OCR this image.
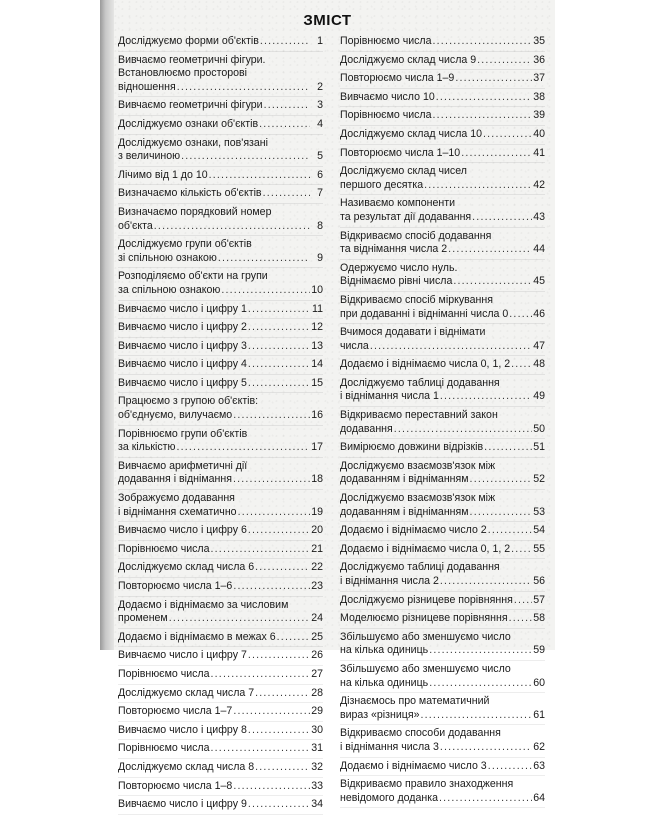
ЗМІСТ
Досліджуємо форми об'єктів .....	1
Вивчаємо геометричні фігури.
Встановлюємо просторові
відношення .....	2
Вивчаємо геометричні фігури .....	3
Досліджуємо ознаки об'єктів .....	4
Досліджуємо ознаки, пов'язані
з величиною .....	5
Лічимо від 1 до 10 .....	6
Визначаємо кількість об'єктів .....	7
Визначаємо порядковий номер
об'єкта .....	8
Досліджуємо групи об'єктів
зі спільною ознакою .....	9
Розподіляємо об'єкти на групи
за спільною ознакою .....	10
Вивчаємо число і цифру 1 .....	11
Вивчаємо число і цифру 2 .....	12
Вивчаємо число і цифру 3 .....	13
Вивчаємо число і цифру 4 .....	14
Вивчаємо число і цифру 5 .....	15
Працюємо з групою об'єктів:
об'єднуємо, вилучаємо .....	16
Порівнюємо групи об'єктів
за кількістю .....	17
Вивчаємо арифметичні дії
додавання і віднімання .....	18
Зображуємо додавання
і віднімання схематично .....	19
Вивчаємо число і цифру 6 .....	20
Порівнюємо числа .....	21
Досліджуємо склад числа 6 .....	22
Повторюємо числа 1–6 .....	23
Додаємо і віднімаємо за числовим
променем .....	24
Додаємо і віднімаємо в межах 6 .....	25
Вивчаємо число і цифру 7 .....	26
Порівнюємо числа .....	27
Досліджуємо склад числа 7 .....	28
Повторюємо числа 1–7 .....	29
Вивчаємо число і цифру 8 .....	30
Порівнюємо числа .....	31
Досліджуємо склад числа 8 .....	32
Повторюємо числа 1–8 .....	33
Вивчаємо число і цифру 9 .....	34
Порівнюємо числа .....	35
Досліджуємо склад числа 9 .....	36
Повторюємо числа 1–9 .....	37
Вивчаємо число 10 .....	38
Порівнюємо числа .....	39
Досліджуємо склад числа 10 .....	40
Повторюємо числа 1–10 .....	41
Досліджуємо склад чисел
першого десятка .....	42
Називаємо компоненти
та результат дії додавання .....	43
Відкриваємо спосіб додавання
та віднімання числа 2 .....	44
Одержуємо число нуль.
Віднімаємо рівні числа .....	45
Відкриваємо спосіб міркування
при додаванні і відніманні числа 0 ..... 46
Вчимося додавати і віднімати
числа .....	47
Додаємо і віднімаємо числа 0, 1, 2 ..... 48
Досліджуємо таблиці додавання
і віднімання числа 1 .....	49
Відкриваємо переставний закон
додавання .....	50
Вимірюємо довжини відрізків .....	51
Досліджуємо взаємозв'язок між
додаванням і відніманням .....	52
Досліджуємо взаємозв'язок між
додаванням і відніманням .....	53
Додаємо і віднімаємо число 2 .....	54
Додаємо і віднімаємо числа 0, 1, 2 ..... 55
Досліджуємо таблиці додавання
і віднімання числа 2 .....	56
Досліджуємо різницеве порівняння ..... 57
Моделюємо різницеве порівняння ..... 58
Збільшуємо або зменшуємо число
на кілька одиниць .....	59
Збільшуємо або зменшуємо число
на кілька одиниць .....	60
Дізнаємось про математичний
вираз «різниця» .....	61
Відкриваємо способи додавання
і віднімання числа 3 .....	62
Додаємо і віднімаємо число 3 .....	63
Відкриваємо правило знаходження
невідомого доданка .....	64
